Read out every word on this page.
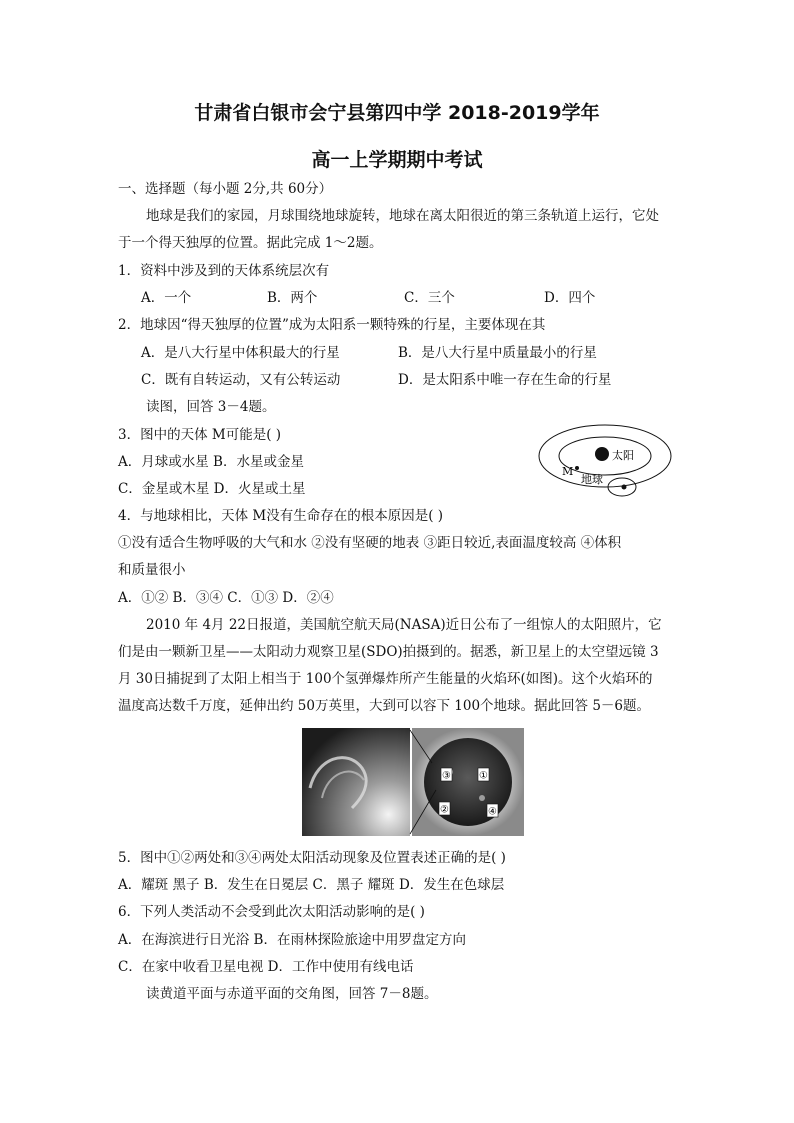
甘肃省白银市会宁县第四中学 2018-2019学年
高一上学期期中考试
一、选择题（每小题 2分,共 60分）
地球是我们的家园，月球围绕地球旋转，地球在离太阳很近的第三条轨道上运行，它处
于一个得天独厚的位置。据此完成 1～2题。
1．资料中涉及到的天体系统层次有
A．一个	B．两个	C．三个	D．四个
2．地球因“得天独厚的位置”成为太阳系一颗特殊的行星，主要体现在其
A．是八大行星中体积最大的行星	B．是八大行星中质量最小的行星
C．既有自转运动，又有公转运动	D．是太阳系中唯一存在生命的行星
读图，回答 3－4题。
3．图中的天体 M可能是( )
A．月球或水星 B．水星或金星
C．金星或木星 D．火星或土星
太阳
M
地球
4．与地球相比，天体 M没有生命存在的根本原因是( )
①没有适合生物呼吸的大气和水 ②没有坚硬的地表 ③距日较近,表面温度较高 ④体积
和质量很小
A．①② B．③④ C．①③ D．②④
2010 年 4月 22日报道，美国航空航天局(NASA)近日公布了一组惊人的太阳照片，它
们是由一颗新卫星——太阳动力观察卫星(SDO)拍摄到的。据悉，新卫星上的太空望远镜 3
月 30日捕捉到了太阳上相当于 100个氢弹爆炸所产生能量的火焰环(如图)。这个火焰环的
温度高达数千万度，延伸出约 50万英里，大到可以容下 100个地球。据此回答 5－6题。
③	①
②	④
5．图中①②两处和③④两处太阳活动现象及位置表述正确的是( )
A．耀斑 黑子 B．发生在日冕层 C．黑子 耀斑 D．发生在色球层
6．下列人类活动不会受到此次太阳活动影响的是( )
A．在海滨进行日光浴 B．在雨林探险旅途中用罗盘定方向
C．在家中收看卫星电视 D．工作中使用有线电话
读黄道平面与赤道平面的交角图，回答 7－8题。
